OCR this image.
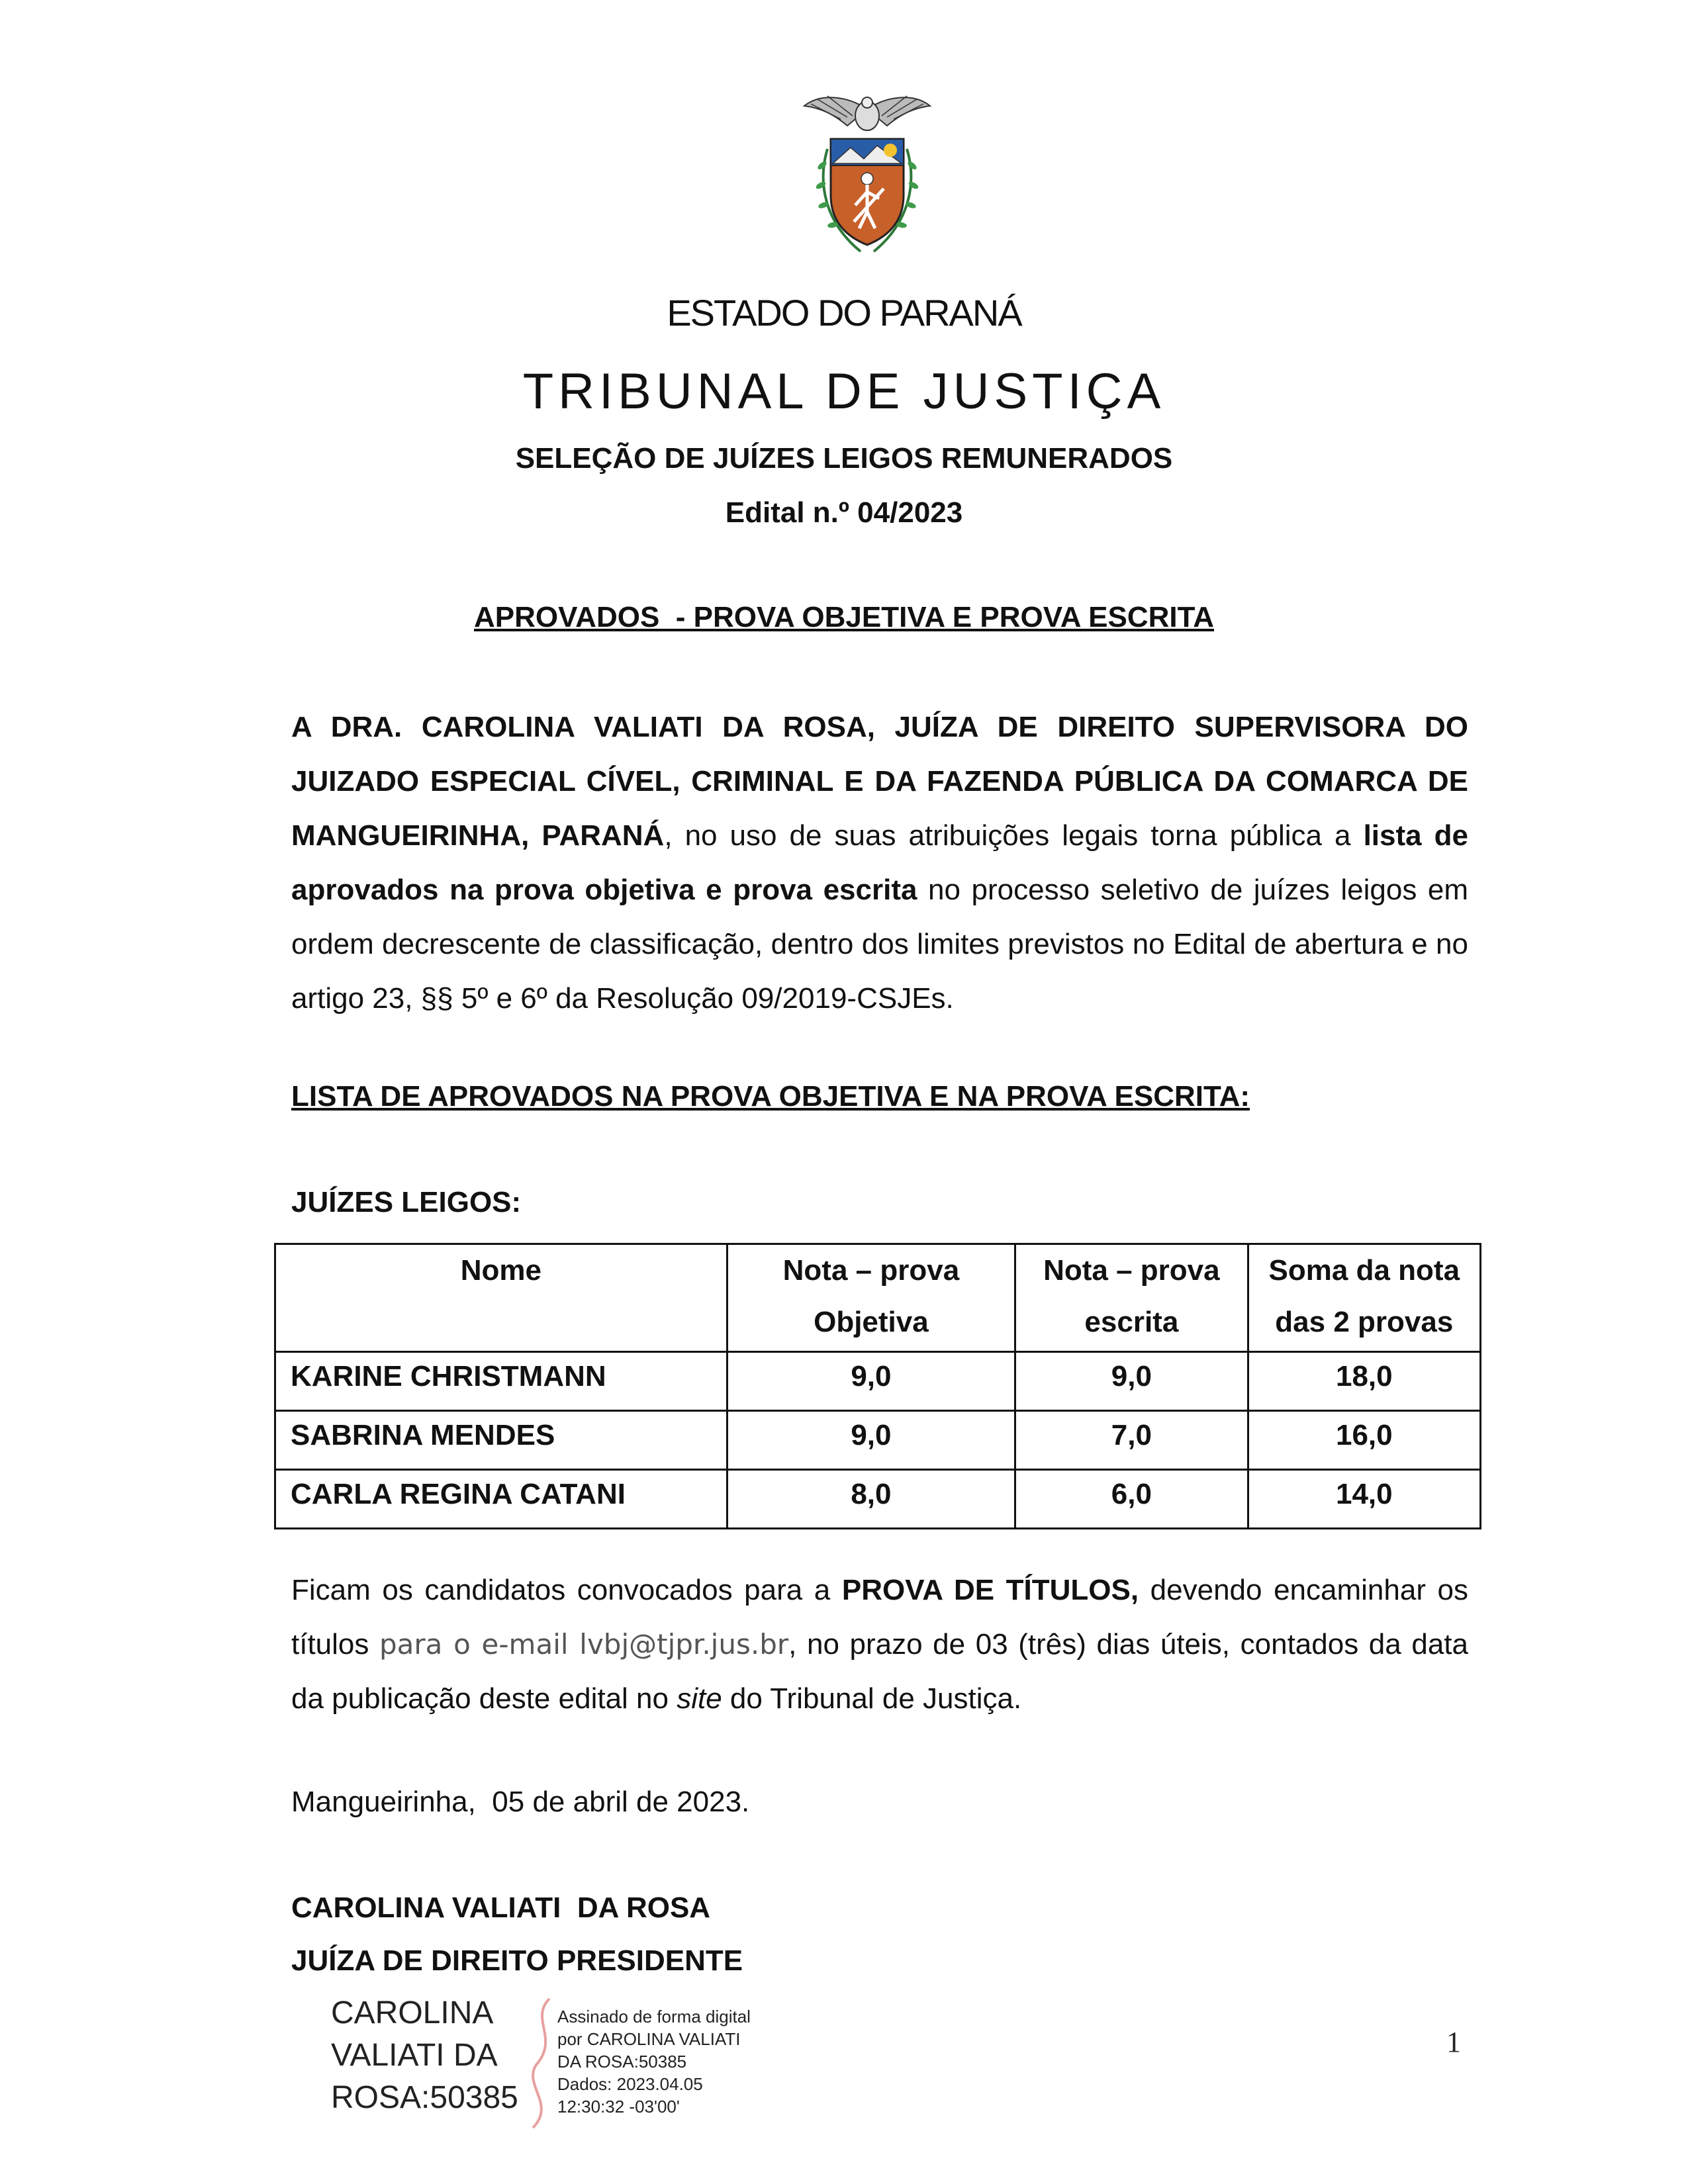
ESTADO DO PARANÁ
TRIBUNAL DE JUSTIÇA
SELEÇÃO DE JUÍZES LEIGOS REMUNERADOS
Edital n.º 04/2023
APROVADOS  - PROVA OBJETIVA E PROVA ESCRITA
A DRA. CAROLINA VALIATI DA ROSA, JUÍZA DE DIREITO SUPERVISORA DO JUIZADO ESPECIAL CÍVEL, CRIMINAL E DA FAZENDA PÚBLICA DA COMARCA DE MANGUEIRINHA, PARANÁ, no uso de suas atribuições legais torna pública a lista de aprovados na prova objetiva e prova escrita no processo seletivo de juízes leigos em ordem decrescente de classificação, dentro dos limites previstos no Edital de abertura e no artigo 23, §§ 5º e 6º da Resolução 09/2019-CSJEs.
LISTA DE APROVADOS NA PROVA OBJETIVA E NA PROVA ESCRITA:
JUÍZES LEIGOS:
Nome	Nota – prova Objetiva	Nota – prova escrita	Soma da nota das 2 provas
KARINE CHRISTMANN	9,0	9,0	18,0
SABRINA MENDES	9,0	7,0	16,0
CARLA REGINA CATANI	8,0	6,0	14,0
Ficam os candidatos convocados para a PROVA DE TÍTULOS, devendo encaminhar os títulos para o e-mail lvbj@tjpr.jus.br, no prazo de 03 (três) dias úteis, contados da data da publicação deste edital no site do Tribunal de Justiça.
Mangueirinha,  05 de abril de 2023.
CAROLINA VALIATI  DA ROSA
JUÍZA DE DIREITO PRESIDENTE
CAROLINA
VALIATI DA
ROSA:50385
Assinado de forma digital
por CAROLINA VALIATI
DA ROSA:50385
Dados: 2023.04.05
12:30:32 -03'00'
1
